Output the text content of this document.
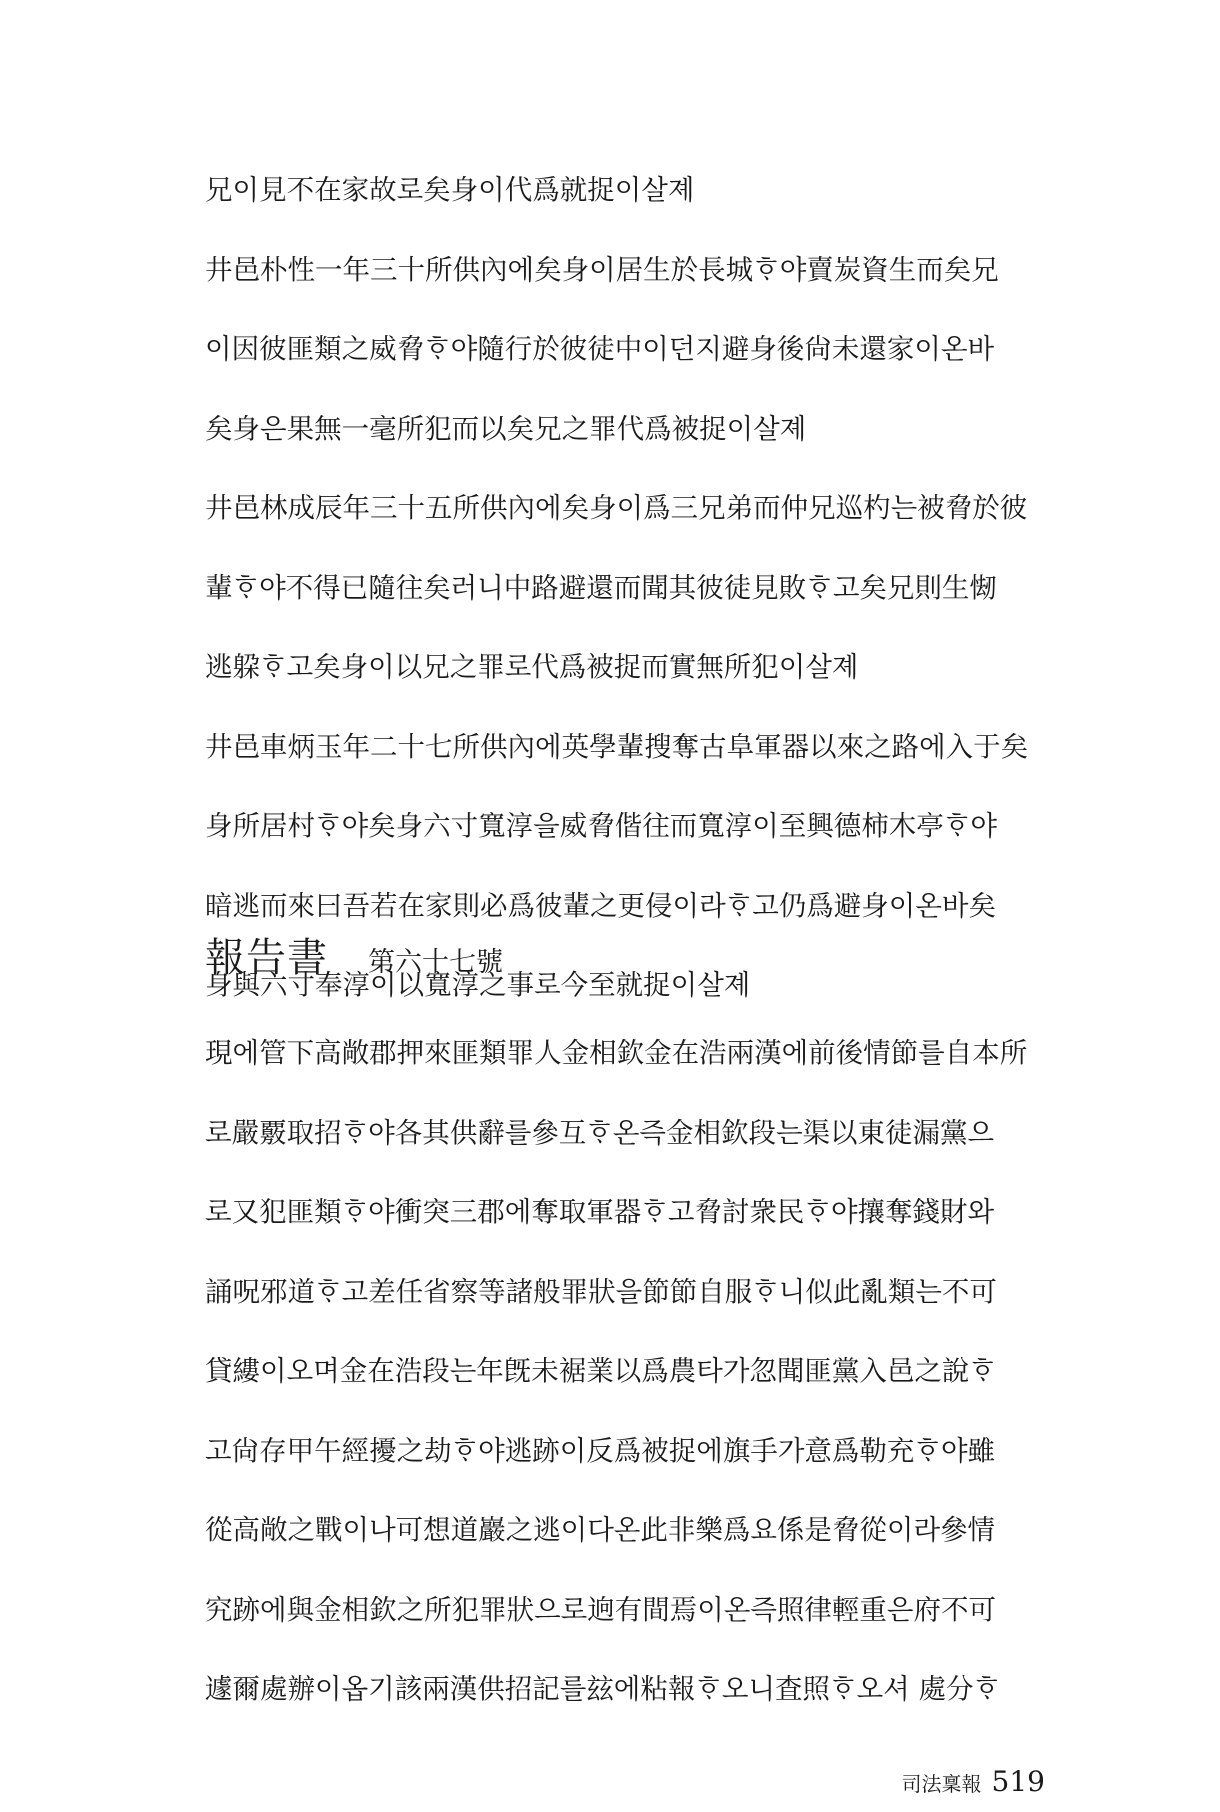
兄이見不在家故로矣身이代爲就捉이살졔
井邑朴性一年三十所供內에矣身이居生於長城ᄒᆞ야賣炭資生而矣兄
이因彼匪類之威脅ᄒᆞ야隨行於彼徒中이던지避身後尙未還家이온바
矣身은果無一毫所犯而以矣兄之罪代爲被捉이살졔
井邑林成辰年三十五所供內에矣身이爲三兄弟而仲兄巡杓는被脅於彼
輩ᄒᆞ야不得已隨往矣러니中路避還而聞其彼徒見敗ᄒᆞ고矣兄則生㥘
逃躱ᄒᆞ고矣身이以兄之罪로代爲被捉而實無所犯이살졔
井邑車炳玉年二十七所供內에英學輩搜奪古阜軍器以來之路에入于矣
身所居村ᄒᆞ야矣身六寸寬淳을威脅偕往而寬淳이至興德柿木亭ᄒᆞ야
暗逃而來曰吾若在家則必爲彼輩之更侵이라ᄒᆞ고仍爲避身이온바矣
身與六寸奉淳이以寬淳之事로今至就捉이살졔
報告書 第六十七號
現에管下高敞郡押來匪類罪人金相欽金在浩兩漢에前後情節를自本所
로嚴覈取招ᄒᆞ야各其供辭를參互ᄒᆞ온즉金相欽段는渠以東徒漏黨으
로又犯匪類ᄒᆞ야衝突三郡에奪取軍器ᄒᆞ고脅討衆民ᄒᆞ야攘奪錢財와
誦呪邪道ᄒᆞ고差任省察等諸般罪狀을節節自服ᄒᆞ니似此亂類는不可
貸縷이오며金在浩段는年旣未裾業以爲農타가忽聞匪黨入邑之說ᄒᆞ
고尙存甲午經擾之劫ᄒᆞ야逃跡이反爲被捉에旗手가意爲勒充ᄒᆞ야雖
從高敞之戰이나可想道巖之逃이다온此非樂爲요係是脅從이라參情
究跡에與金相欽之所犯罪狀으로逈有間焉이온즉照律輕重은府不可
遽爾處辦이옵기該兩漢供招記를玆에粘報ᄒᆞ오니査照ᄒᆞ오셔 處分ᄒᆞ
司法稟報 519
